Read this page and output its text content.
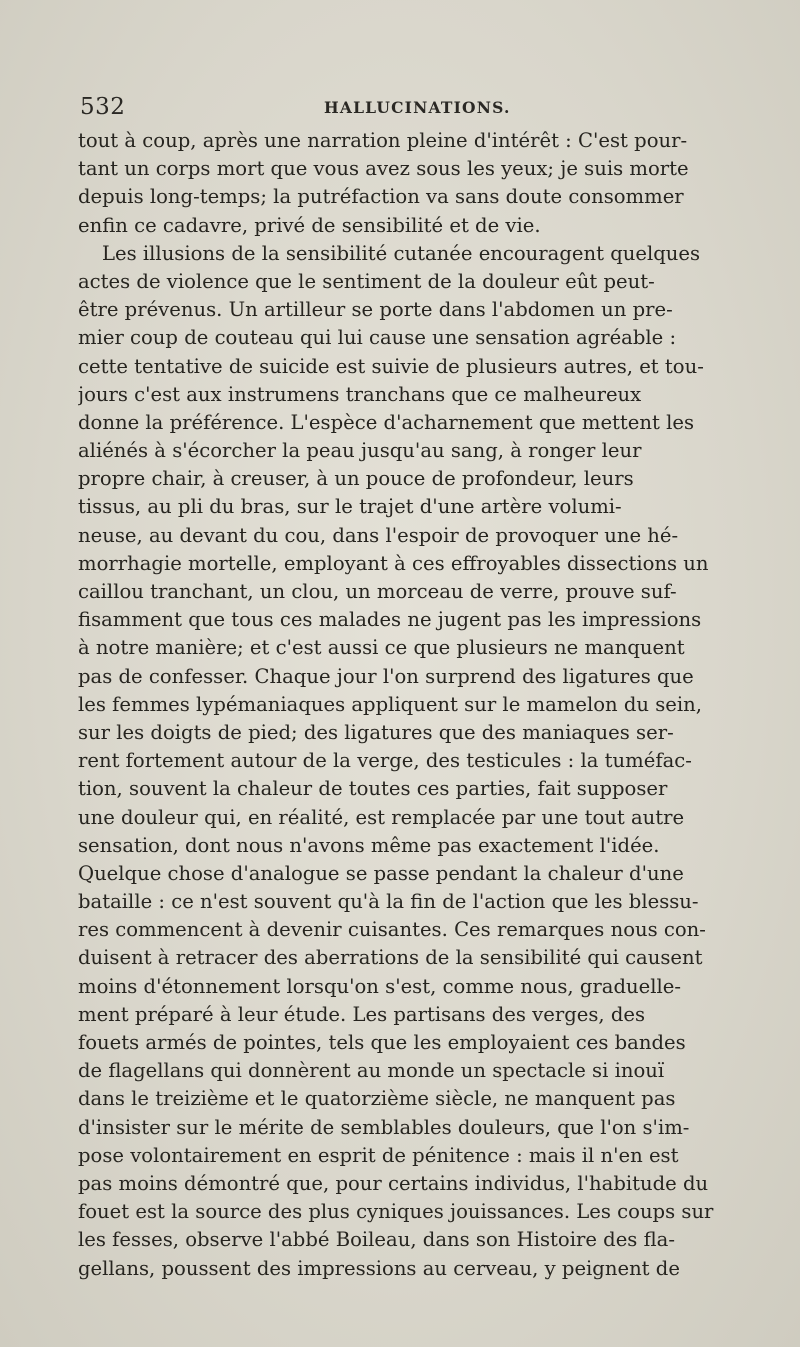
532	HALLUCINATIONS.
tout à coup, après une narration pleine d'intérêt : C'est pour-
tant un corps mort que vous avez sous les yeux; je suis morte
depuis long-temps; la putréfaction va sans doute consommer
enfin ce cadavre, privé de sensibilité et de vie.
Les illusions de la sensibilité cutanée encouragent quelques
actes de violence que le sentiment de la douleur eût peut-
être prévenus. Un artilleur se porte dans l'abdomen un pre-
mier coup de couteau qui lui cause une sensation agréable :
cette tentative de suicide est suivie de plusieurs autres, et tou-
jours c'est aux instrumens tranchans que ce malheureux
donne la préférence. L'espèce d'acharnement que mettent les
aliénés à s'écorcher la peau jusqu'au sang, à ronger leur
propre chair, à creuser, à un pouce de profondeur, leurs
tissus, au pli du bras, sur le trajet d'une artère volumi-
neuse, au devant du cou, dans l'espoir de provoquer une hé-
morrhagie mortelle, employant à ces effroyables dissections un
caillou tranchant, un clou, un morceau de verre, prouve suf-
fisamment que tous ces malades ne jugent pas les impressions
à notre manière; et c'est aussi ce que plusieurs ne manquent
pas de confesser. Chaque jour l'on surprend des ligatures que
les femmes lypémaniaques appliquent sur le mamelon du sein,
sur les doigts de pied; des ligatures que des maniaques ser-
rent fortement autour de la verge, des testicules : la tuméfac-
tion, souvent la chaleur de toutes ces parties, fait supposer
une douleur qui, en réalité, est remplacée par une tout autre
sensation, dont nous n'avons même pas exactement l'idée.
Quelque chose d'analogue se passe pendant la chaleur d'une
bataille : ce n'est souvent qu'à la fin de l'action que les blessu-
res commencent à devenir cuisantes. Ces remarques nous con-
duisent à retracer des aberrations de la sensibilité qui causent
moins d'étonnement lorsqu'on s'est, comme nous, graduelle-
ment préparé à leur étude. Les partisans des verges, des
fouets armés de pointes, tels que les employaient ces bandes
de flagellans qui donnèrent au monde un spectacle si inouï
dans le treizième et le quatorzième siècle, ne manquent pas
d'insister sur le mérite de semblables douleurs, que l'on s'im-
pose volontairement en esprit de pénitence : mais il n'en est
pas moins démontré que, pour certains individus, l'habitude du
fouet est la source des plus cyniques jouissances. Les coups sur
les fesses, observe l'abbé Boileau, dans son Histoire des fla-
gellans, poussent des impressions au cerveau, y peignent de
